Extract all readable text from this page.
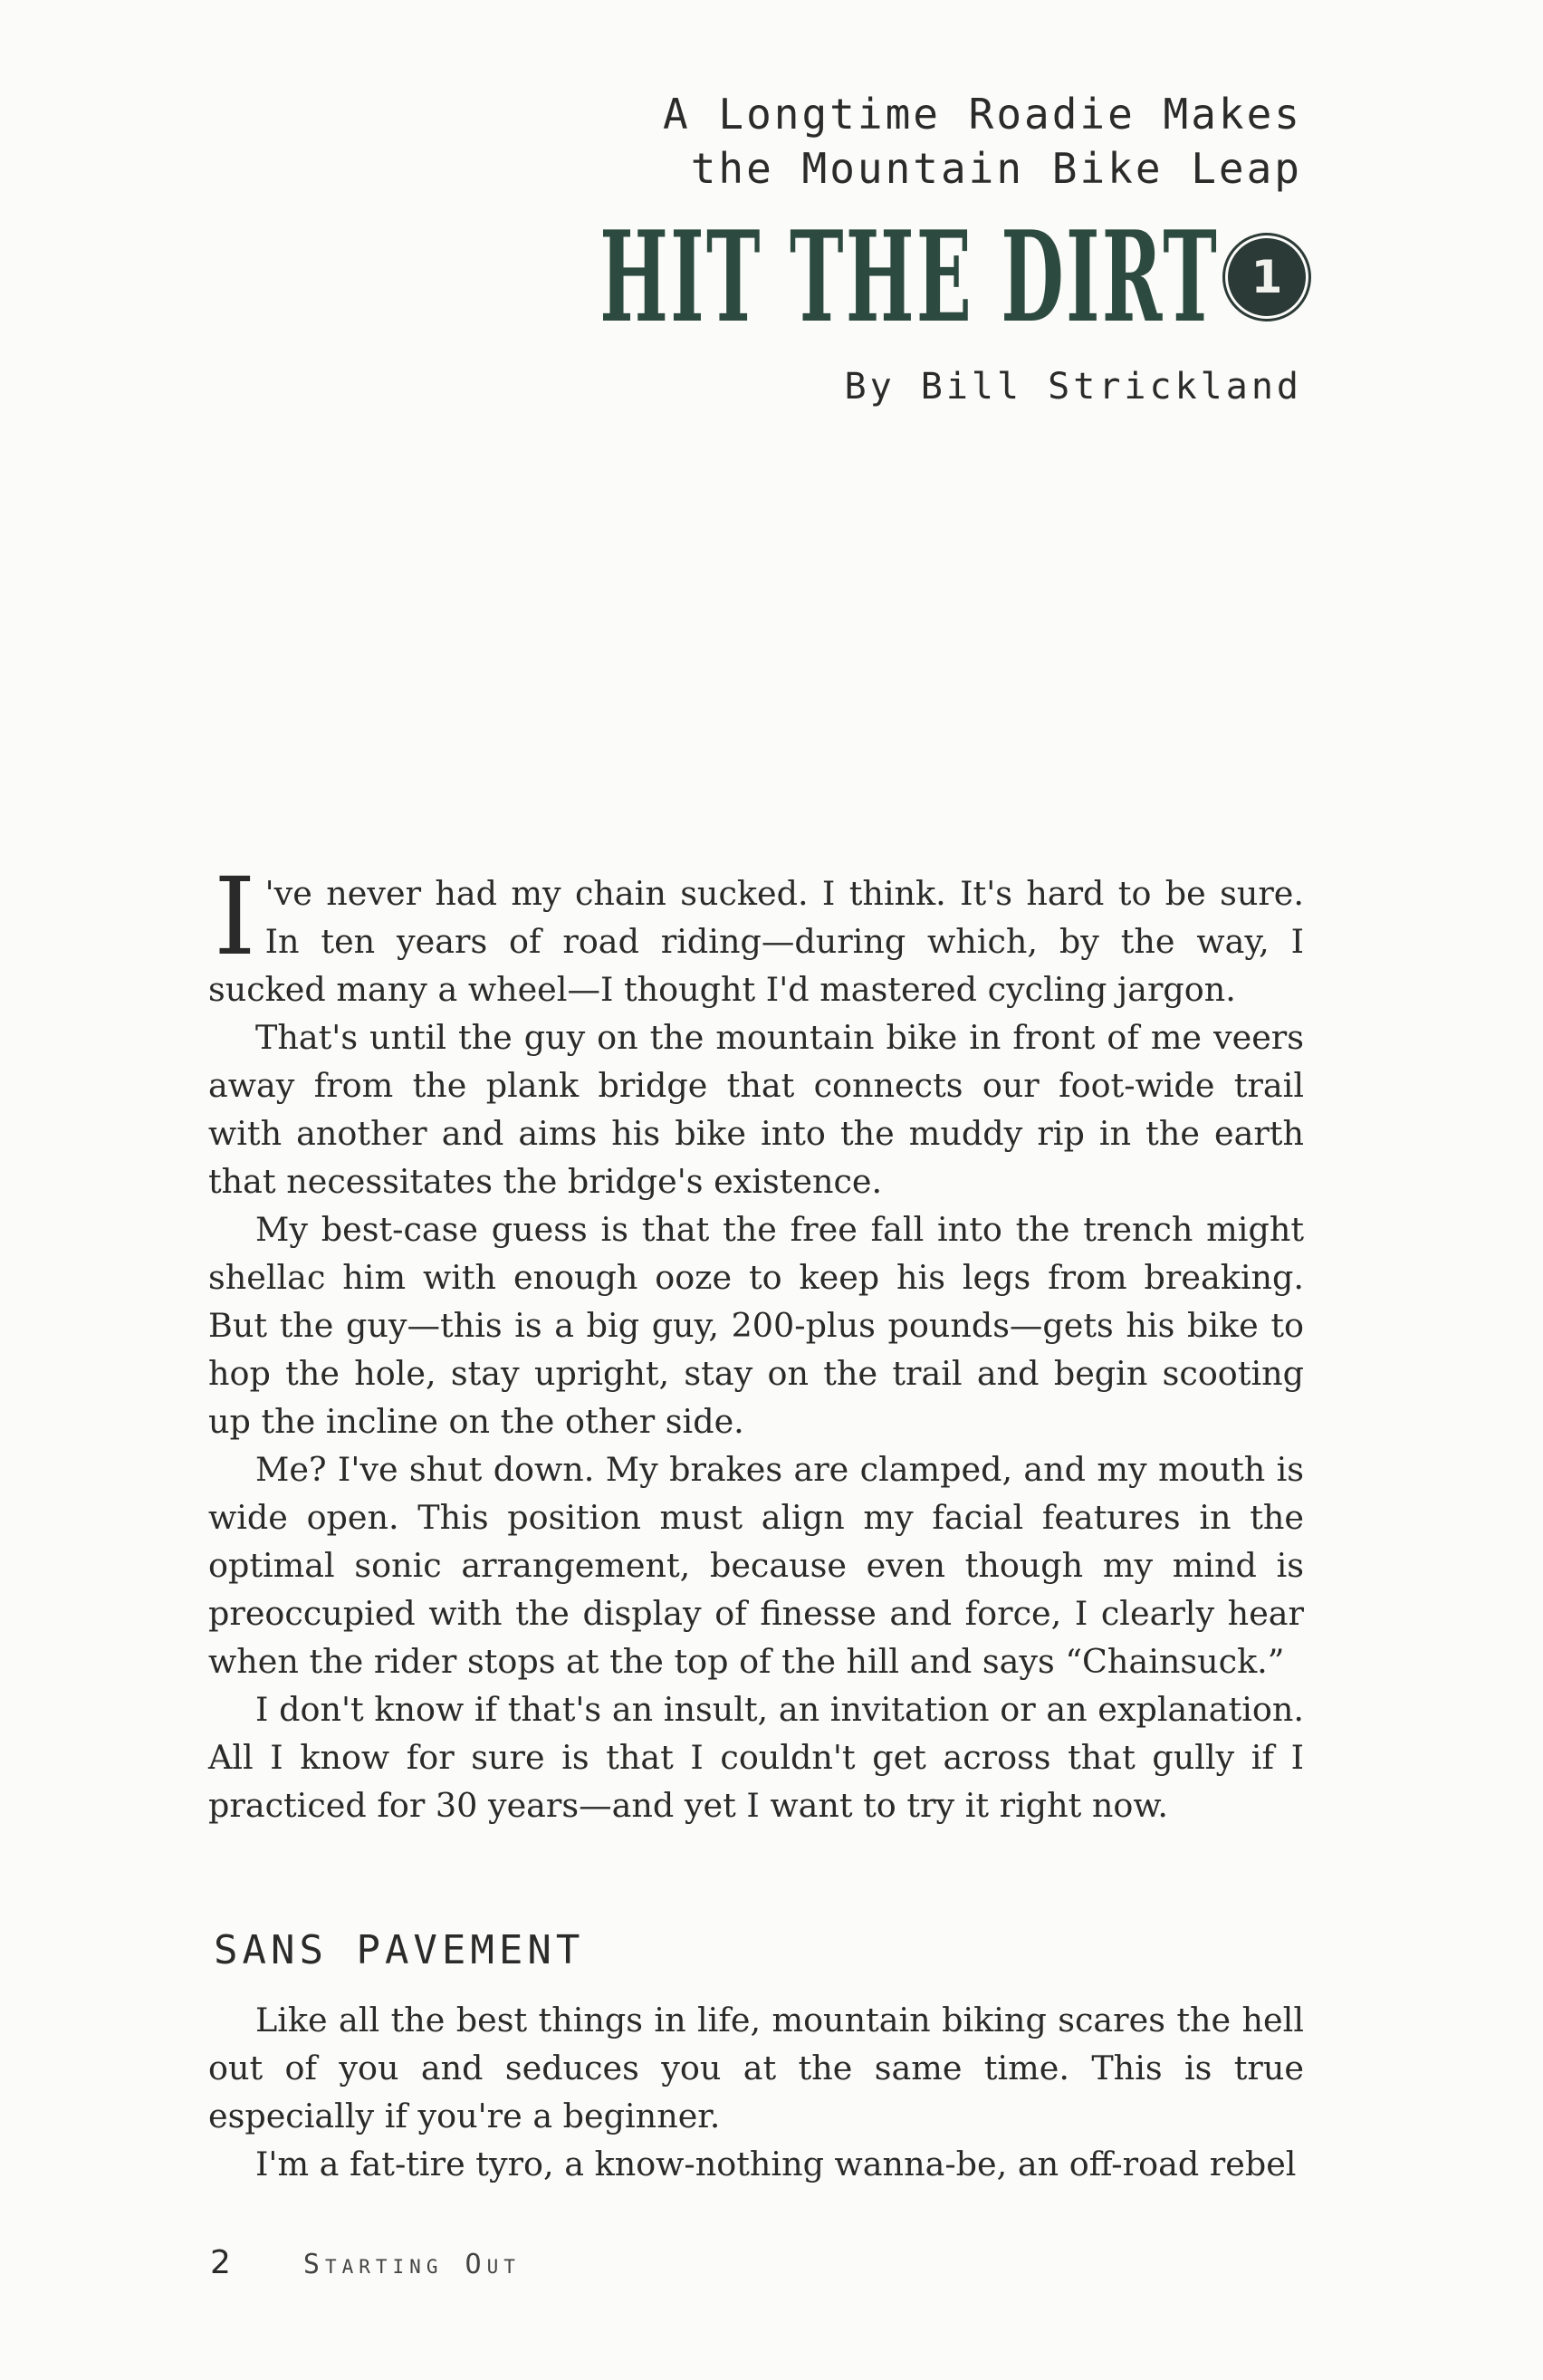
A Longtime Roadie Makes
the Mountain Bike Leap
HIT THE DIRT 1
By Bill Strickland

I 've never had my chain sucked. I think. It's hard to be sure. In ten years of road riding—during which, by the way, I sucked many a wheel—I thought I'd mastered cycling jargon.

That's until the guy on the mountain bike in front of me veers away from the plank bridge that connects our foot-wide trail with another and aims his bike into the muddy rip in the earth that necessitates the bridge's existence.

My best-case guess is that the free fall into the trench might shellac him with enough ooze to keep his legs from breaking. But the guy—this is a big guy, 200-plus pounds—gets his bike to hop the hole, stay upright, stay on the trail and begin scooting up the incline on the other side.

Me? I've shut down. My brakes are clamped, and my mouth is wide open. This position must align my facial features in the optimal sonic arrangement, because even though my mind is preoccupied with the display of finesse and force, I clearly hear when the rider stops at the top of the hill and says “Chainsuck.”

I don't know if that's an insult, an invitation or an explanation. All I know for sure is that I couldn't get across that gully if I practiced for 30 years—and yet I want to try it right now.

SANS PAVEMENT

Like all the best things in life, mountain biking scares the hell out of you and seduces you at the same time. This is true especially if you're a beginner.

I'm a fat-tire tyro, a know-nothing wanna-be, an off-road rebel

2	Starting Out
